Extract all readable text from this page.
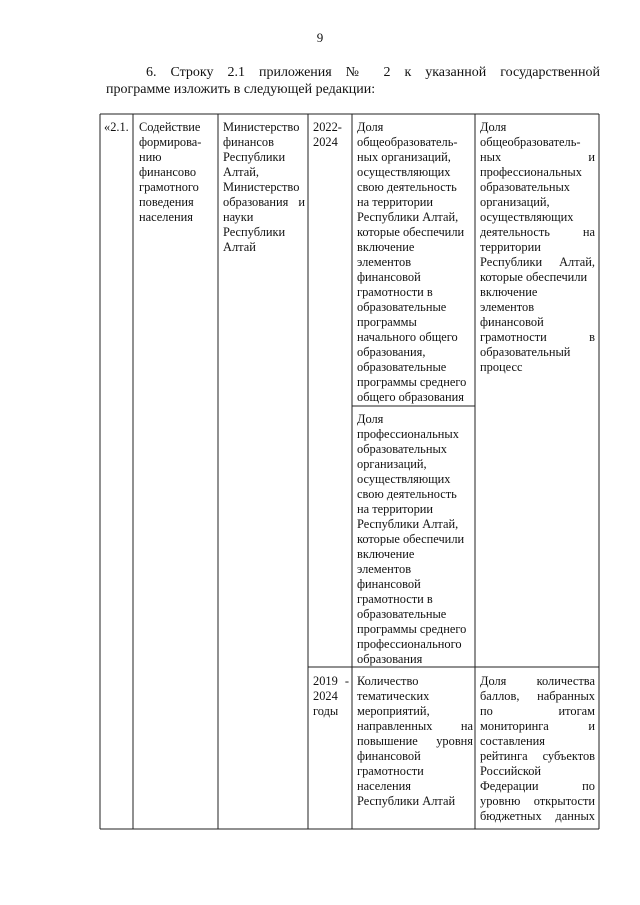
9
6. Строку 2.1 приложения № 2 к указанной государственной
программе изложить в следующей редакции:
«2.1. Содействие
формирова-
нию
финансово
грамотного
поведения
населения
Министерство
финансов
Республики
Алтай,
Министерство
образования и
науки
Республики
Алтай
2022-
2024
Доля
общеобразователь-
ных организаций,
осуществляющих
свою деятельность
на территории
Республики Алтай,
которые обеспечили
включение
элементов
финансовой
грамотности в
образовательные
программы
начального общего
образования,
образовательные
программы среднего
общего образования
Доля
профессиональных
образовательных
организаций,
осуществляющих
свою деятельность
на территории
Республики Алтай,
которые обеспечили
включение
элементов
финансовой
грамотности в
образовательные
программы среднего
профессионального
образования
Доля
общеобразователь-
ных и
профессиональных
образовательных
организаций,
осуществляющих
деятельность на
территории
Республики Алтай,
которые обеспечили
включение
элементов
финансовой
грамотности в
образовательный
процесс
2019 -
2024
годы
Количество
тематических
мероприятий,
направленных на
повышение уровня
финансовой
грамотности
населения
Республики Алтай
Доля количества
баллов, набранных
по итогам
мониторинга и
составления
рейтинга субъектов
Российской
Федерации по
уровню открытости
бюджетных данных
